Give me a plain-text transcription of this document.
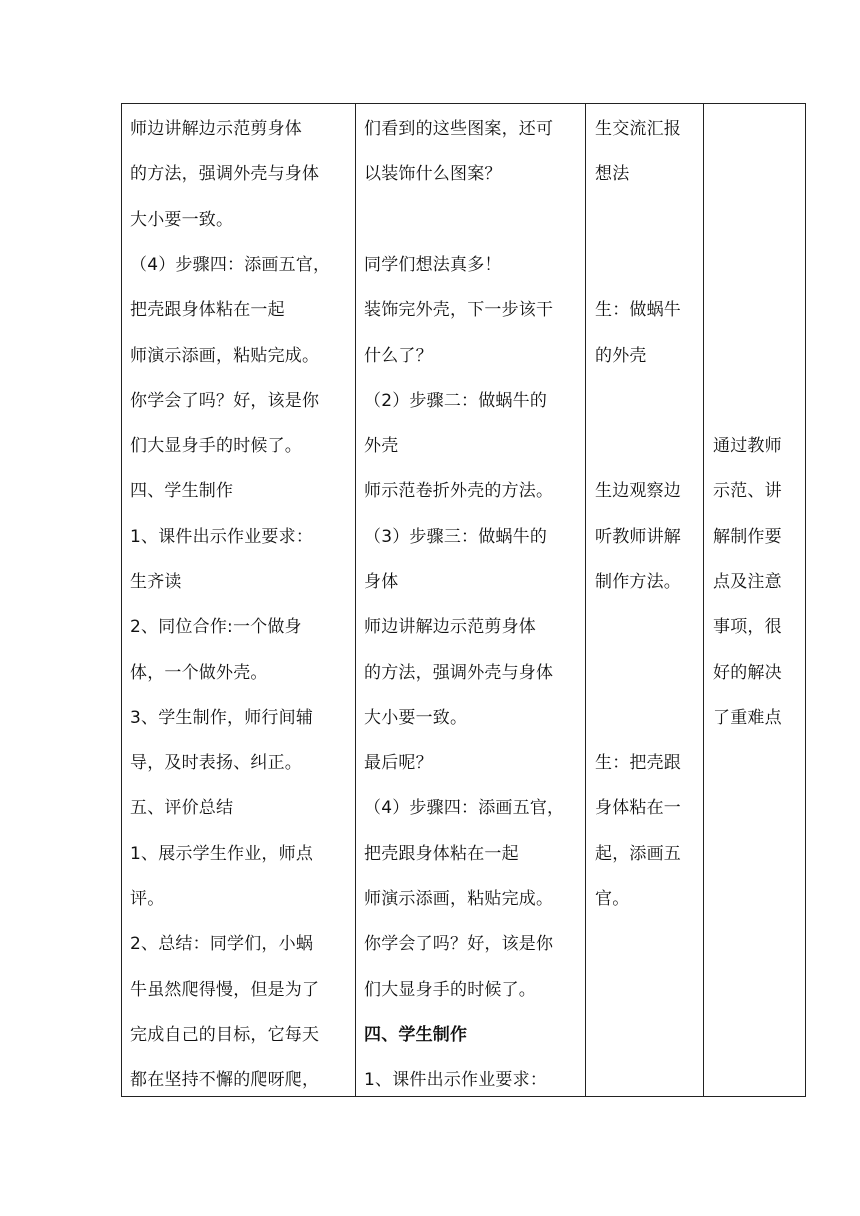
师边讲解边示范剪身体
的方法，强调外壳与身体
大小要一致。
（4）步骤四：添画五官，
把壳跟身体粘在一起
师演示添画，粘贴完成。
你学会了吗？好，该是你
们大显身手的时候了。
四、学生制作
1、课件出示作业要求：
生齐读
2、同位合作:一个做身
体，一个做外壳。
3、学生制作，师行间辅
导，及时表扬、纠正。
五、评价总结
1、展示学生作业，师点
评。
2、总结：同学们，小蜗
牛虽然爬得慢，但是为了
完成自己的目标，它每天
都在坚持不懈的爬呀爬，
们看到的这些图案，还可
以装饰什么图案？
同学们想法真多！
装饰完外壳，下一步该干
什么了？
（2）步骤二：做蜗牛的
外壳
师示范卷折外壳的方法。
（3）步骤三：做蜗牛的
身体
师边讲解边示范剪身体
的方法，强调外壳与身体
大小要一致。
最后呢？
（4）步骤四：添画五官，
把壳跟身体粘在一起
师演示添画，粘贴完成。
你学会了吗？好，该是你
们大显身手的时候了。
四、学生制作
1、课件出示作业要求：
生交流汇报
想法
生：做蜗牛
的外壳
生边观察边
听教师讲解
制作方法。
生：把壳跟
身体粘在一
起，添画五
官。
通过教师
示范、讲
解制作要
点及注意
事项，很
好的解决
了重难点
